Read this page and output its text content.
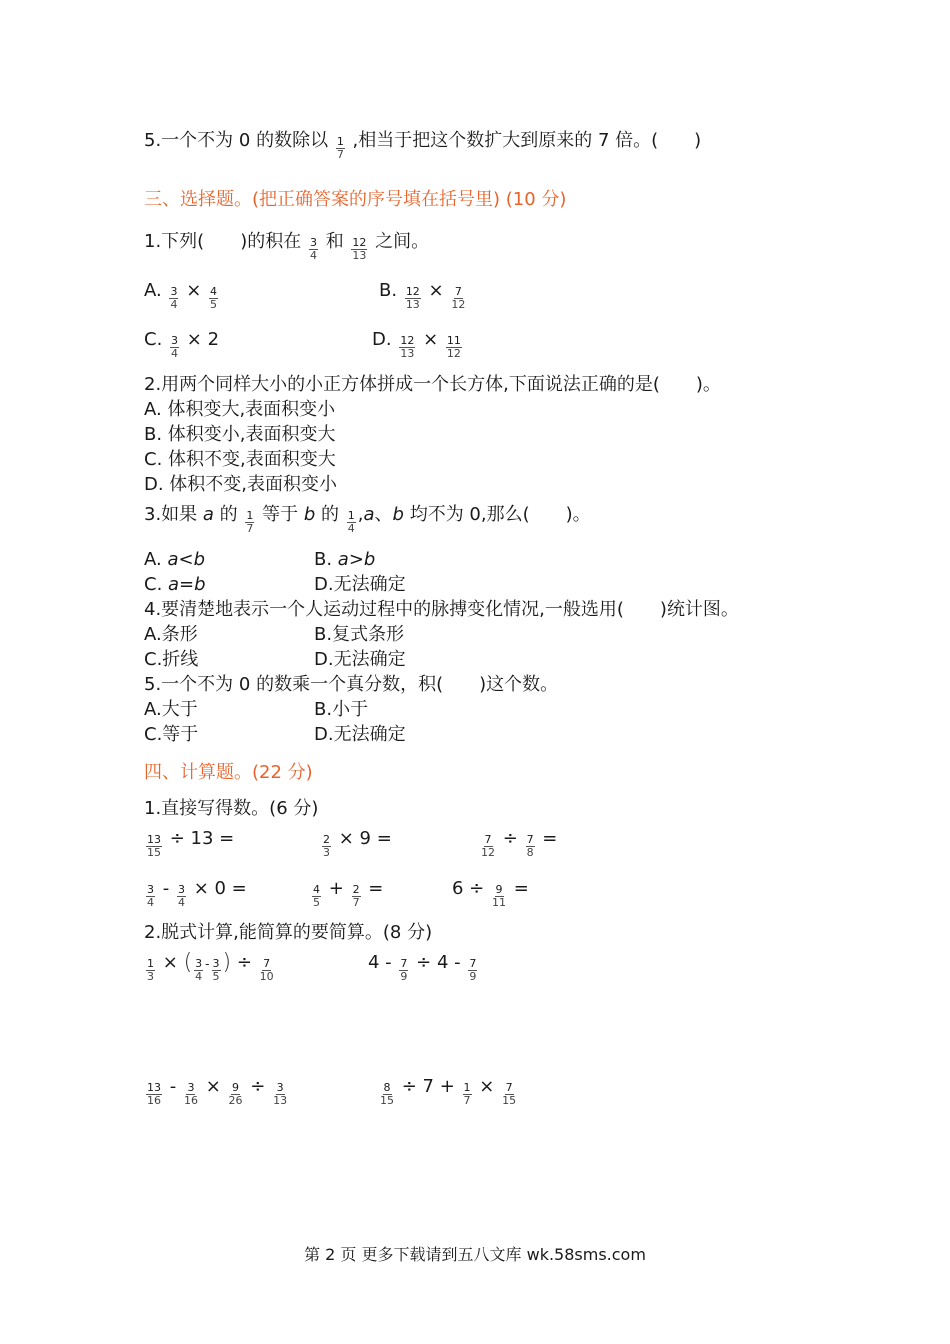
5.一个不为 0 的数除以 $\frac{1}{7}$ ,相当于把这个数扩大到原来的 7 倍。(　　)
三、选择题。(把正确答案的序号填在括号里) (10 分)
1.下列(　　)的积在 $\frac{3}{4}$ 和 $\frac{12}{13}$ 之间。
A. $\frac{3}{4} \times \frac{4}{5}$	B. $\frac{12}{13} \times \frac{7}{12}$
C. $\frac{3}{4} \times 2$	D. $\frac{12}{13} \times \frac{11}{12}$
2.用两个同样大小的小正方体拼成一个长方体,下面说法正确的是(　　)。
A. 体积变大,表面积变小
B. 体积变小,表面积变大
C. 体积不变,表面积变大
D. 体积不变,表面积变小
3.如果 a 的 $\frac{1}{7}$ 等于 b 的 $\frac{1}{4} ,a$、b 均不为 0,那么(　　)。
A. a<b	B. a>b
C. a=b	D.无法确定
4.要清楚地表示一个人运动过程中的脉搏变化情况,一般选用(　　)统计图。
A.条形	B.复式条形
C.折线	D.无法确定
5.一个不为 0 的数乘一个真分数，积(　　)这个数。
A.大于	B.小于
C.等于	D.无法确定
四、计算题。(22 分)
1.直接写得数。(6 分)
$\frac{13}{15} \div 13$ =	$\frac{2}{3} \times 9$ =	$\frac{7}{12} \div \frac{7}{8}$ =
$\frac{3}{4} - \frac{3}{4} \times 0$ =	$\frac{4}{5} + \frac{2}{7}$ =	$6 \div \frac{9}{11}$ =
2.脱式计算,能简算的要简算。(8 分)
$\frac{1}{3}$ × ( $\frac{3}{4} - \frac{3}{5}$ ) ÷ $\frac{7}{10}$	$4 - \frac{7}{9} \div 4 - \frac{7}{9}$
$\frac{13}{16} - \frac{3}{16} \times \frac{9}{26} \div \frac{3}{13}$	$\frac{8}{15} \div 7 + \frac{1}{7} \times \frac{7}{15}$
第 2 页 更多下载请到五八文库 wk.58sms.com
